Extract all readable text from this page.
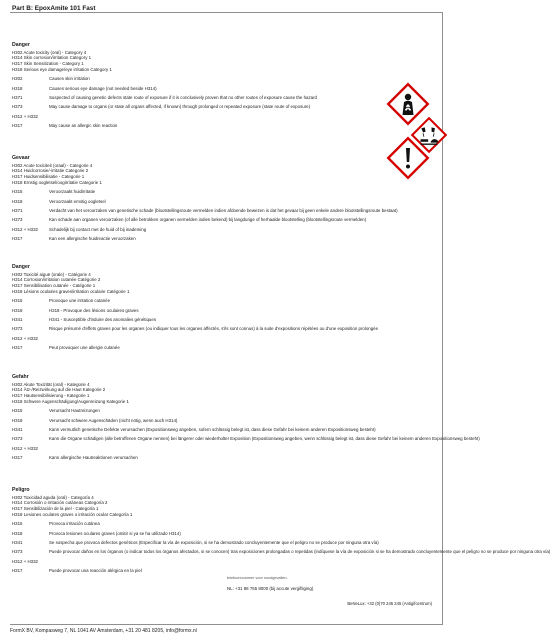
Part B: EpoxAmite 101 Fast
Danger
H302 Acute toxicity (oral) - Category 4
H314 Skin corrosion/irritation Category 1
H317 Skin Sensitization - Category 1
H318 Serious eye damage/eye irritation Category 1
H302	Causes skin irritation
H318	Causes serious eye damage (not needed beside H314)
H371	Suspected of causing genetic defects state route of exposure if it is conclusively proven that no other routes of exposure cause the hazard
H373	May cause damage to organs (or state all organs affected, if known) through prolonged or repeated exposure (state route of exposure)
H312 + H332
H317	May cause an allergic skin reaction
Gevaar
H302 Acute toxiciteit (oraal) - Categorie 4
H314 Huidcorrosie/-irritatie Categorie 2
H317 Huidsensibilisatie - Categorie 1
H318 Ernstig oogletsel/oogirritatie Categorie 1
H315	Veroorzaakt huidirritatie
H318	Veroorzaakt ernstig oogletsel
H371	Verdacht van het veroorzaken van genetische schade (blootstellingsroute vermelden indien afdoende bewezen is dat het gevaar bij geen enkele andere blootstellingsroute bestaat)
H373	Kan schade aan organen veroorzaken (of alle betrokken organen vermelden indien bekend) bij langdurige of herhaalde blootstelling (blootstellingsroute vermelden)
H312 + H332	Schadelijk bij contact met de huid of bij inademing
H317	Kan een allergische huidreactie veroorzaken
Danger
H302 Toxicité aiguë (orale) - Catégorie 4
H314 Corrosion/irritation cutanée Catégorie 2
H317 Sensibilisation cutanée - Catégorie 1
H318 Lésions oculaires graves/irritation oculaire Catégorie 1
H315	Provoque une irritation cutanée
H318	H318 - Provoque des lésions oculaires graves
H341	H341 - Susceptible d'induire des anomalies génétiques
H373	Risque présumé d'effets graves pour les organes (ou indiquer tous les organes affectés, s'ils sont connus) à la suite d'expositions répétées ou d'une exposition prolongée
H312 + H332
H317	Peut provoquer une allergie cutanée
Gefahr
H302 Akute Toxizität (oral) - Kategorie 4
H314 Ätz-/Reizwirkung auf die Haut Kategorie 2
H317 Hautsensibilisierung - Kategorie 1
H318 Schwere Augenschädigung/Augenreizung Kategorie 1
H315	Verursacht Hautreizungen
H318	Verursacht schwere Augenschäden (nicht nötig, wenn auch H314)
H341	Kann vermutlich genetische Defekte verursachen (Expositionsweg angeben, sofern schlüssig belegt ist, dass diese Gefahr bei keinem anderen Expositionsweg besteht)
H373	Kann die Organe schädigen (alle betroffenen Organe nennen) bei längerer oder wiederholter Exposition (Expositionsweg angeben, wenn schlüssig belegt ist, dass diese Gefahr bei keinem anderen Expositionsweg besteht)
H312 + H332
H317	Kann allergische Hautreaktionen verursachen
Peligro
H302 Toxicidad aguda (oral) - Categoría 4
H314 Corrosión o irritación cutáneas Categoría 2
H317 Sensibilización de la piel - Categoría 1
H318 Lesiones oculares graves o irritación ocular Categoría 1
H315	Provoca irritación cutánea
H318	Provoca lesiones oculares graves (omitir si ya se ha utilizado H314)
H341	Se sospecha que provoca defectos genéticos (Especificar la vía de exposición, si se ha demostrado concluyentemente que el peligro no se produce por ninguna otra vía)
H373	Puede provocar daños en los órganos (o indicar todos los órganos afectados, si se conocen) tras exposiciones prolongadas o repetidas (indíquese la vía de exposición si se ha demostrado concluyentemente que el peligro no se produce por ninguna otra vía)
H312 + H332
H317	Puede provocar una reacción alérgica en la piel
telefoonnummer voor noodgevallen:
NL: +31 88 755 8000 (bij accute vergiftiging)
BeNeLux: +32 (0)70 245 245 (Antigifcentrum)
FormX BV, Kompasweg 7, NL 1041 AV Amsterdam, +31 20 481 8205, info@formx.nl
